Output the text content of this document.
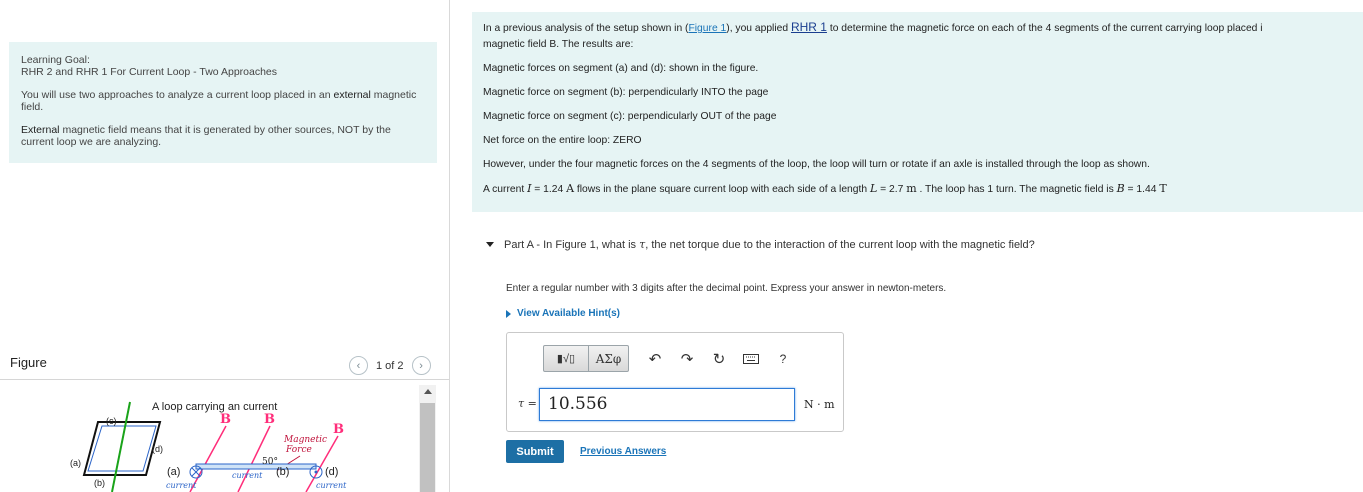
Learning Goal:
RHR 2 and RHR 1 For Current Loop - Two Approaches

You will use two approaches to analyze a current loop placed in an external magnetic field.

External magnetic field means that it is generated by other sources, NOT by the current loop we are analyzing.

Figure	‹ 1 of 2 ›
A loop carrying an current
(c)
(a)
(d)
(b)
B	B
B
Magnetic
Force
(a)	(d)
(b)
50°
current
current
current

In a previous analysis of the setup shown in (Figure 1), you applied RHR 1 to determine the magnetic force on each of the 4 segments of the current carrying loop placed i
magnetic field B. The results are:

Magnetic forces on segment (a) and (d): shown in the figure.

Magnetic force on segment (b): perpendicularly INTO the page

Magnetic force on segment (c): perpendicularly OUT of the page

Net force on the entire loop: ZERO

However, under the four magnetic forces on the 4 segments of the loop, the loop will turn or rotate if an axle is installed through the loop as shown.

A current I = 1.24 A flows in the plane square current loop with each side of a length L = 2.7 m . The loop has 1 turn. The magnetic field is B = 1.44 T

Part A - In Figure 1, what is τ, the net torque due to the interaction of the current loop with the magnetic field?
Enter a regular number with 3 digits after the decimal point. Express your answer in newton-meters.
View Available Hint(s)
▮√▯	ΑΣφ	↶	↷	↻	?
τ = 10.556	N · m
Submit	Previous Answers
